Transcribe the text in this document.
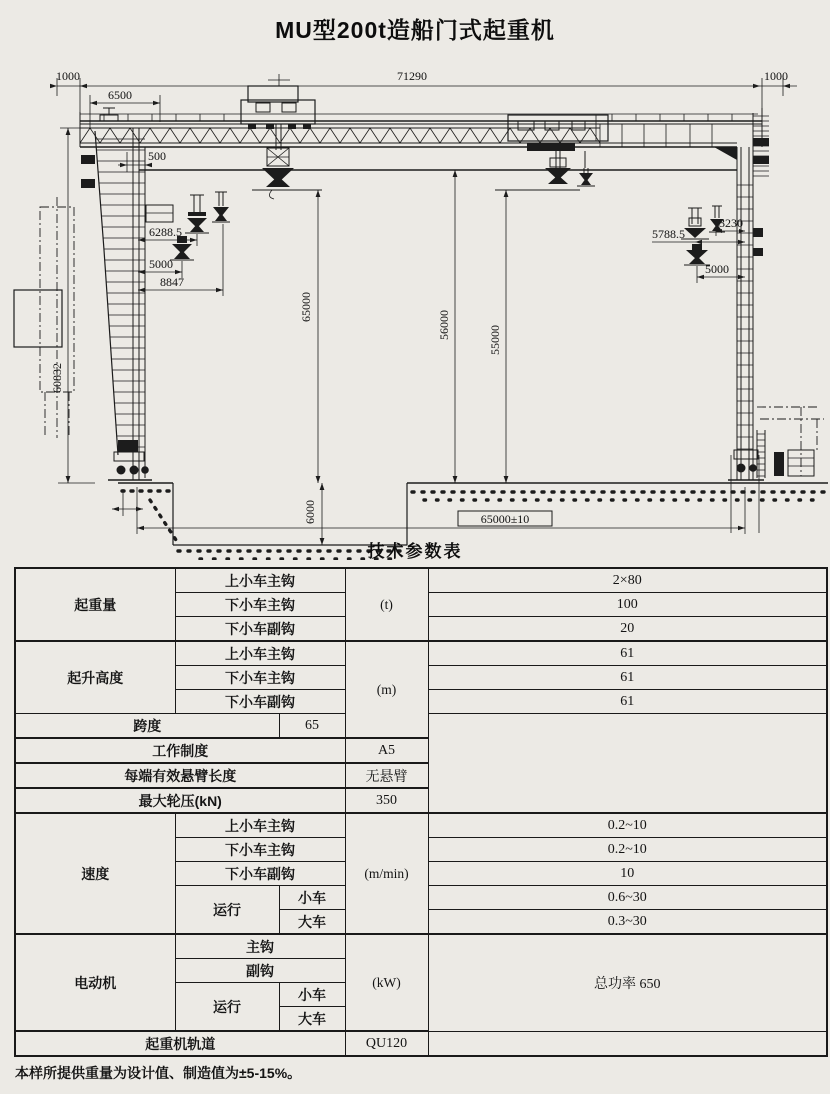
MU型200t造船门式起重机
1000	71290	1000
6500
60832
65000
56000	55000
6000
500
6288.5
5000
8847
5788.5
3230
5000
65000±10
技术参数表
起重量	上小车主钩		(t)	2×80
	下小车主钩			100
	下小车副钩			20
起升高度	上小车主钩		(m)	61
	下小车主钩			61
	下小车副钩			61
跨度		65		
工作制度			A5	
每端有效悬臂长度			无悬臂	
最大轮压(kN)			350	
速度	上小车主钩		(m/min)	0.2~10
	下小车主钩			0.2~10
	下小车副钩			10
	运行	小车		0.6~30
		大车		0.3~30
电动机	主钩		(kW)	总功率 650
	副钩			
	运行	小车		
		大车		
起重机轨道			QU120	
本样所提供重量为设计值、制造值为±5-15%。
